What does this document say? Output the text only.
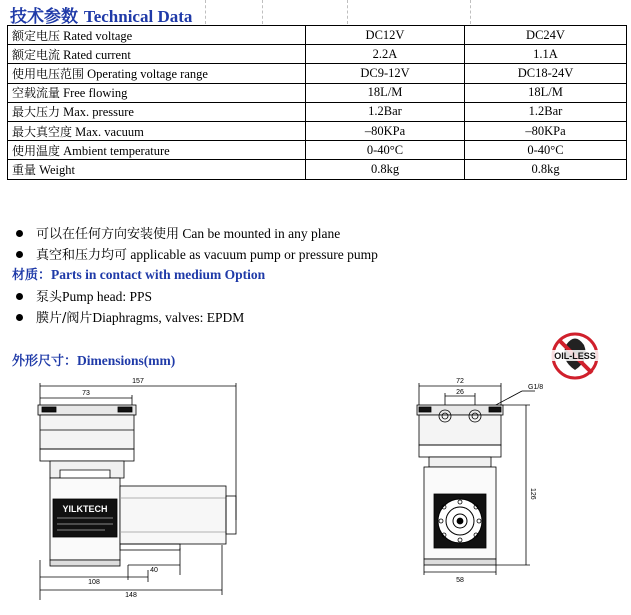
技术参数 Technical Data
额定电压 Rated voltage	DC12V	DC24V
额定电流 Rated current	2.2A	1.1A
使用电压范围 Operating voltage range	DC9-12V	DC18-24V
空载流量 Free flowing	18L/M	18L/M
最大压力 Max. pressure	1.2Bar	1.2Bar
最大真空度 Max. vacuum	–80KPa	–80KPa
使用温度 Ambient temperature	0-40°C	0-40°C
重量 Weight	0.8kg	0.8kg
可以在任何方向安装使用 Can be mounted in any plane
真空和压力均可 applicable as vacuum pump or pressure pump
材质：Parts in contact with medium Option
泵头Pump head: PPS
膜片/阀片Diaphragms, valves: EPDM
外形尺寸：Dimensions(mm)	OIL-LESS
YILKTECH
157
73
40
108
148
72
26
G1/8
126
58
